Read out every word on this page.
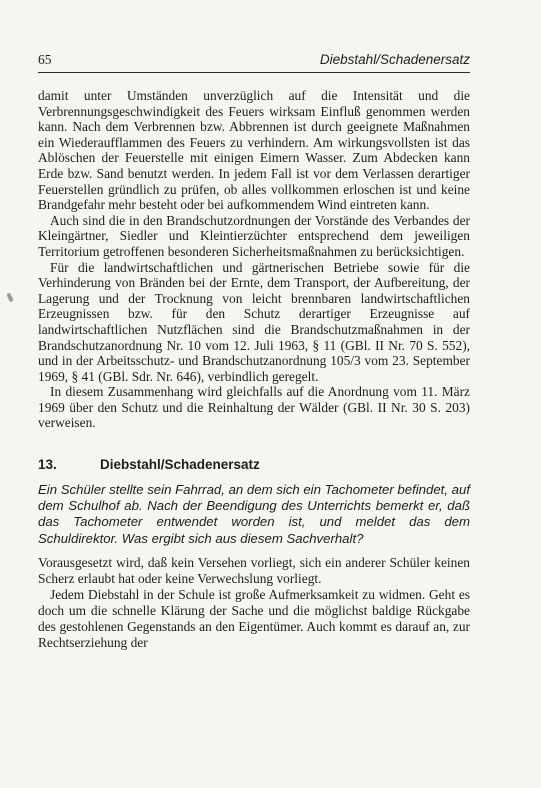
65	Diebstahl/Schadenersatz

damit unter Umständen unverzüglich auf die Intensität und die Verbrennungsgeschwindigkeit des Feuers wirksam Einfluß genommen werden kann. Nach dem Verbrennen bzw. Abbrennen ist durch geeignete Maßnahmen ein Wiederaufflammen des Feuers zu verhindern. Am wirkungsvollsten ist das Ablöschen der Feuerstelle mit einigen Eimern Wasser. Zum Abdecken kann Erde bzw. Sand benutzt werden. In jedem Fall ist vor dem Verlassen derartiger Feuerstellen gründlich zu prüfen, ob alles vollkommen erloschen ist und keine Brandgefahr mehr besteht oder bei aufkommendem Wind eintreten kann.

Auch sind die in den Brandschutzordnungen der Vorstände des Verbandes der Kleingärtner, Siedler und Kleintierzüchter entsprechend dem jeweiligen Territorium getroffenen besonderen Sicherheitsmaßnahmen zu berücksichtigen.

Für die landwirtschaftlichen und gärtnerischen Betriebe sowie für die Verhinderung von Bränden bei der Ernte, dem Transport, der Aufbereitung, der Lagerung und der Trocknung von leicht brennbaren landwirtschaftlichen Erzeugnissen bzw. für den Schutz derartiger Erzeugnisse auf landwirtschaftlichen Nutzflächen sind die Brandschutzmaßnahmen in der Brandschutzanordnung Nr. 10 vom 12. Juli 1963, § 11 (GBl. II Nr. 70 S. 552), und in der Arbeitsschutz- und Brandschutzanordnung 105/3 vom 23. September 1969, § 41 (GBl. Sdr. Nr. 646), verbindlich geregelt.

In diesem Zusammenhang wird gleichfalls auf die Anordnung vom 11. März 1969 über den Schutz und die Reinhaltung der Wälder (GBl. II Nr. 30 S. 203) verweisen.

13.	Diebstahl/Schadenersatz

Ein Schüler stellte sein Fahrrad, an dem sich ein Tachometer befindet, auf dem Schulhof ab. Nach der Beendigung des Unterrichts bemerkt er, daß das Tachometer entwendet worden ist, und meldet das dem Schuldirektor. Was ergibt sich aus diesem Sachverhalt?

Vorausgesetzt wird, daß kein Versehen vorliegt, sich ein anderer Schüler keinen Scherz erlaubt hat oder keine Verwechslung vorliegt.

Jedem Diebstahl in der Schule ist große Aufmerksamkeit zu widmen. Geht es doch um die schnelle Klärung der Sache und die möglichst baldige Rückgabe des gestohlenen Gegenstands an den Eigentümer. Auch kommt es darauf an, zur Rechtserziehung der
